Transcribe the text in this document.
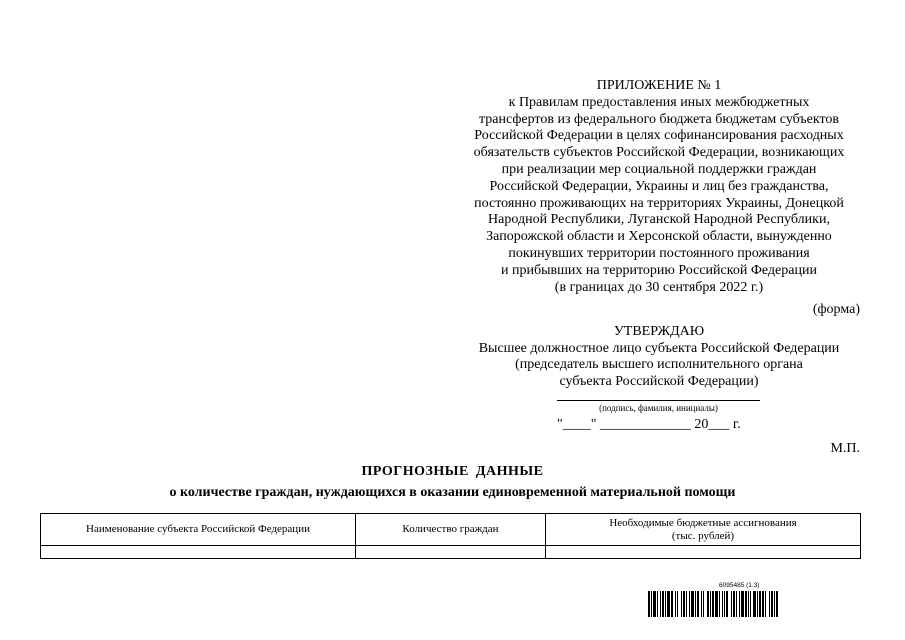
ПРИЛОЖЕНИЕ № 1
к Правилам предоставления иных межбюджетных
трансфертов из федерального бюджета бюджетам субъектов
Российской Федерации в целях софинансирования расходных
обязательств субъектов Российской Федерации, возникающих
при реализации мер социальной поддержки граждан
Российской Федерации, Украины и лиц без гражданства,
постоянно проживающих на территориях Украины, Донецкой
Народной Республики, Луганской Народной Республики,
Запорожской области и Херсонской области, вынужденно
покинувших территории постоянного проживания
и прибывших на территорию Российской Федерации
(в границах до 30 сентября 2022 г.)
(форма)
УТВЕРЖДАЮ
Высшее должностное лицо субъекта Российской Федерации
(председатель высшего исполнительного органа
субъекта Российской Федерации)
(подпись, фамилия, инициалы)
"____" _____________ 20___ г.
М.П.
ПРОГНОЗНЫЕ ДАННЫЕ
о количестве граждан, нуждающихся в оказании единовременной материальной помощи
Наименование субъекта Российской Федерации	Количество граждан	Необходимые бюджетные ассигнования
(тыс. рублей)

6095485 (1.3)
